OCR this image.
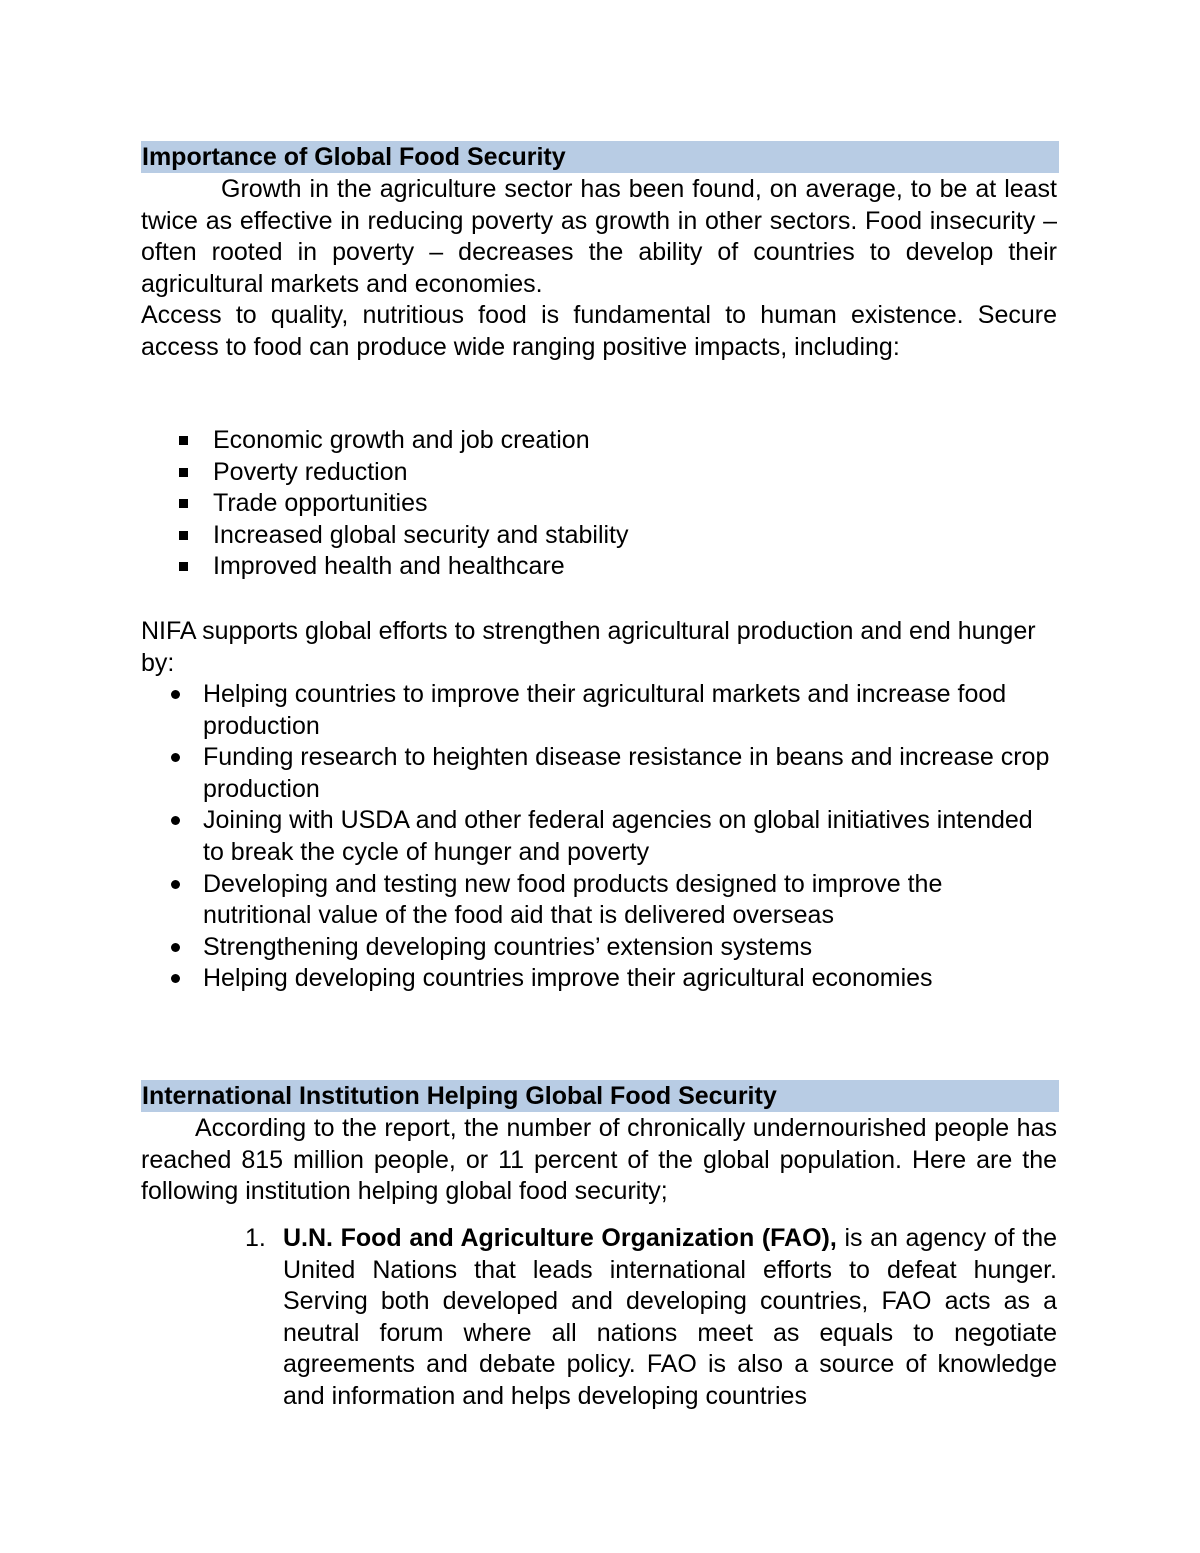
Importance of Global Food Security

Growth in the agriculture sector has been found, on average, to be at least twice as effective in reducing poverty as growth in other sectors. Food insecurity – often rooted in poverty – decreases the ability of countries to develop their agricultural markets and economies.

Access to quality, nutritious food is fundamental to human existence. Secure access to food can produce wide ranging positive impacts, including:

Economic growth and job creation
Poverty reduction
Trade opportunities
Increased global security and stability
Improved health and healthcare

NIFA supports global efforts to strengthen agricultural production and end hunger by:

Helping countries to improve their agricultural markets and increase food production
Funding research to heighten disease resistance in beans and increase crop production
Joining with USDA and other federal agencies on global initiatives intended to break the cycle of hunger and poverty
Developing and testing new food products designed to improve the nutritional value of the food aid that is delivered overseas
Strengthening developing countries’ extension systems
Helping developing countries improve their agricultural economies
International Institution Helping Global Food Security

According to the report, the number of chronically undernourished people has reached 815 million people, or 11 percent of the global population. Here are the following institution helping global food security;

1. U.N. Food and Agriculture Organization (FAO), is an agency of the United Nations that leads international efforts to defeat hunger. Serving both developed and developing countries, FAO acts as a neutral forum where all nations meet as equals to negotiate agreements and debate policy. FAO is also a source of knowledge and information and helps developing countries
